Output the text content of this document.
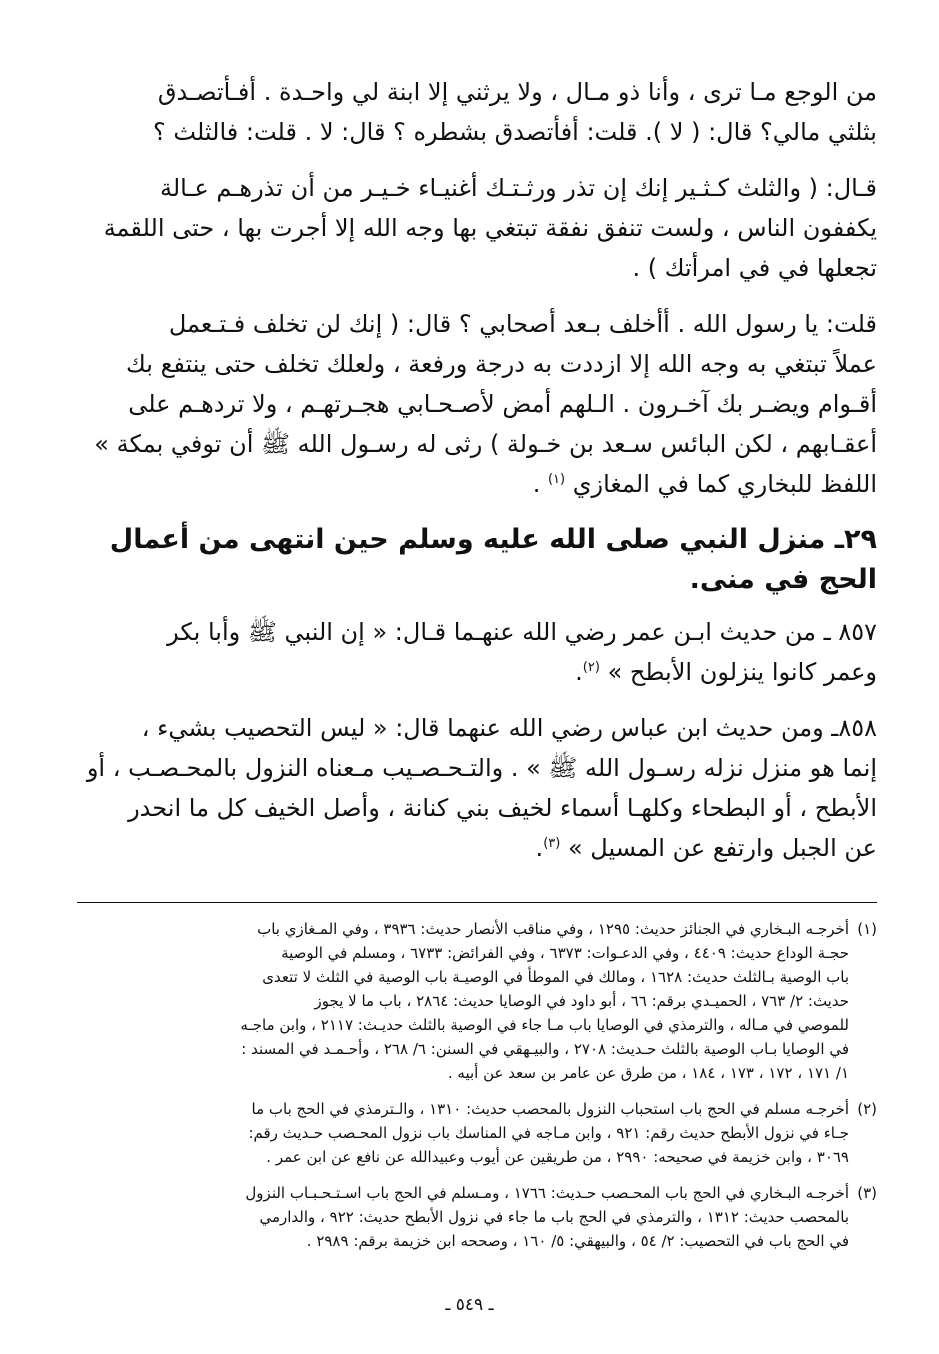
من الوجع مـا ترى ، وأنا ذو مـال ، ولا يرثني إلا ابنة لي واحـدة . أفـأتصـدق
بثلثي مالي؟ قال: ( لا ). قلت: أفأتصدق بشطره ؟ قال: لا . قلت: فالثلث ؟
قـال: ( والثلث كـثـير إنك إن تذر ورثـتـك أغنيـاء خـيـر من أن تذرهـم عـالة
يكففون الناس ، ولست تنفق نفقة تبتغي بها وجه الله إلا أجرت بها ، حتى اللقمة
تجعلها في في امرأتك ) .
قلت: يا رسول الله . أأخلف بـعد أصحابي ؟ قال: ( إنك لن تخلف فـتـعمل
عملاً تبتغي به وجه الله إلا ازددت به درجة ورفعة ، ولعلك تخلف حتى ينتفع بك
أقـوام ويضـر بك آخـرون . الـلهم أمض لأصـحـابي هجـرتهـم ، ولا تردهـم على
أعقـابهم ، لكن البائس سـعد بن خـولة ) رثى له رسـول الله ﷺ أن توفي بمكة »
اللفظ للبخاري كما في المغازي $^{(١)}$ .
٢٩ـ منزل النبي صلى الله عليه وسلم حين انتهى من أعمال الحج في منى.
٨٥٧ ـ من حديث ابـن عمر رضي الله عنهـما قـال: « إن النبي ﷺ وأبا بكر
وعمر كانوا ينزلون الأبطح » $^{(٢)}$.
٨٥٨ـ ومن حديث ابن عباس رضي الله عنهما قال: « ليس التحصيب بشيء ،
إنما هو منزل نزله رسـول الله ﷺ » . والتـحـصـيب مـعناه النزول بالمحـصـب ، أو
الأبطح ، أو البطحاء وكلهـا أسماء لخيف بني كنانة ، وأصل الخيف كل ما انحدر
عن الجبل وارتفع عن المسيل » $^{(٣)}$.
(١)
أخرجـه البـخاري في الجنائز حديث: ١٢٩٥ ، وفي مناقب الأنصار حديث: ٣٩٣٦ ، وفي المـغازي باب
حجـة الوداع حديث: ٤٤٠٩ ، وفي الدعـوات: ٦٣٧٣ ، وفي الفرائض: ٦٧٣٣ ، ومسلم في الوصية
باب الوصية بـالثلث حديث: ١٦٢٨ ، ومالك في الموطأ في الوصيـة باب الوصية في الثلث لا تتعدى
حديث: ٢/ ٧٦٣ ، الحميـدي برقم: ٦٦ ، أبو داود في الوصايا حديث: ٢٨٦٤ ، باب ما لا يجوز
للموصي في مـاله ، والترمذي في الوصايا باب مـا جاء في الوصية بالثلث حديـث: ٢١١٧ ، وابن ماجـه
في الوصايا بـاب الوصية بالثلث حـديث: ٢٧٠٨ ، والبيـهقي في السنن: ٦/ ٢٦٨ ، وأحـمـد في المسند :
١/ ١٧١ ، ١٧٢ ، ١٧٣ ، ١٨٤ ، من طرق عن عامر بن سعد عن أبيه .
(٢)
أخرجـه مسلم في الحج باب استحباب النزول بالمحصب حديث: ١٣١٠ ، والـترمذي في الحج باب ما
جـاء في نزول الأبطح حديث رقم: ٩٢١ ، وابن مـاجه في المناسك باب نزول المحـصب حـديث رقم:
٣٠٦٩ ، وابن خزيمة في صحيحه: ٢٩٩٠ ، من طريقين عن أيوب وعبيدالله عن نافع عن ابن عمر .
(٣)
أخرجـه البـخاري في الحج باب المحـصب حـديث: ١٧٦٦ ، ومـسلم في الحج باب اسـتـحـبـاب النزول
بالمحصب حديث: ١٣١٢ ، والترمذي في الحج باب ما جاء في نزول الأبطح حديث: ٩٢٢ ، والدارمي
في الحج باب في التحصيب: ٢/ ٥٤ ، والبيهقي: ٥/ ١٦٠ ، وصححه ابن خزيمة برقم: ٢٩٨٩ .
ـ ٥٤٩ ـ
